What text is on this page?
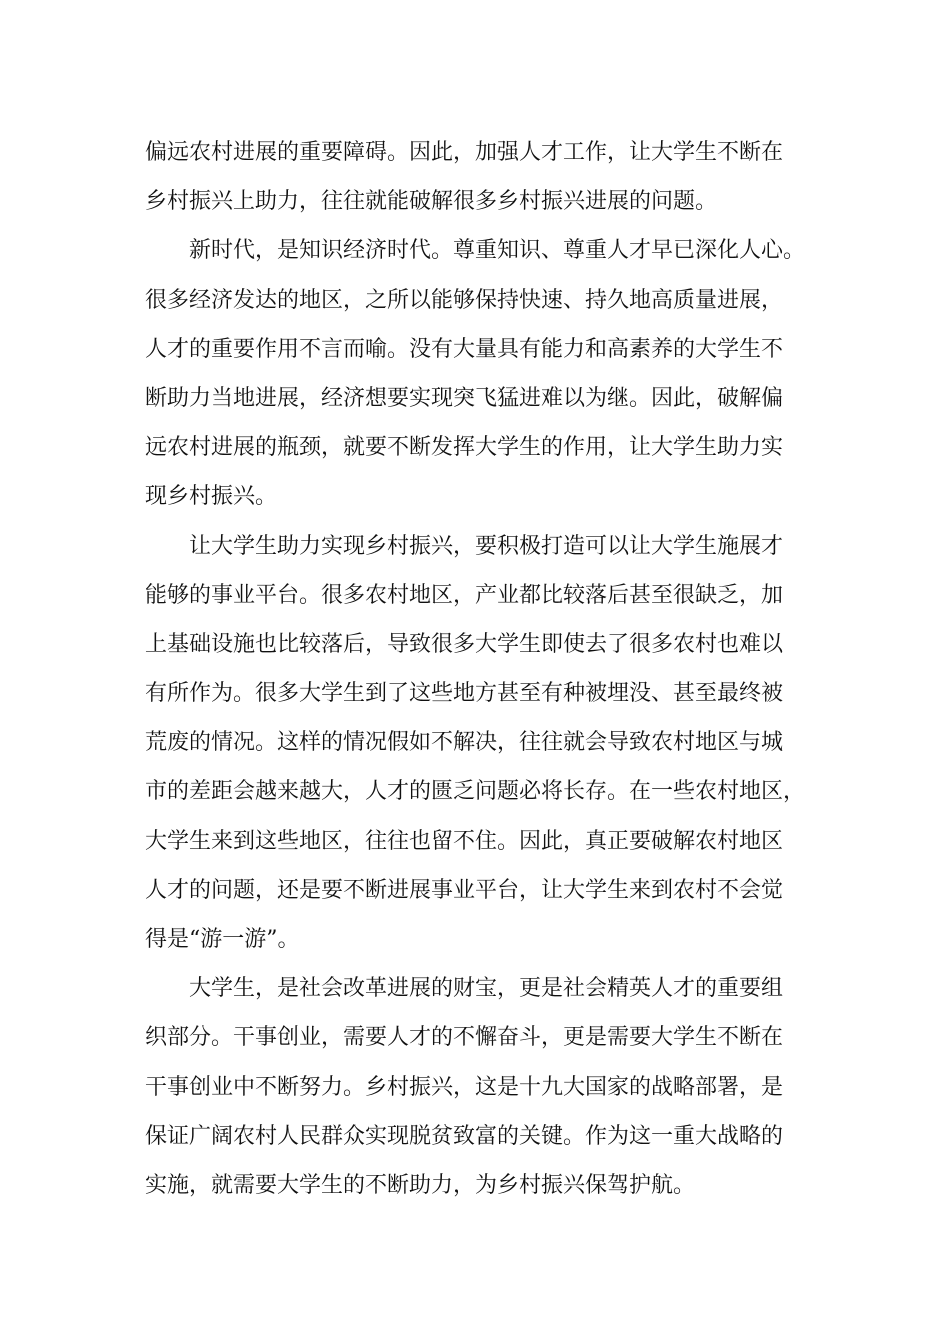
偏远农村进展的重要障碍。因此，加强人才工作，让大学生不断在
乡村振兴上助力，往往就能破解很多乡村振兴进展的问题。
新时代，是知识经济时代。尊重知识、尊重人才早已深化人心。
很多经济发达的地区，之所以能够保持快速、持久地高质量进展，
人才的重要作用不言而喻。没有大量具有能力和高素养的大学生不
断助力当地进展，经济想要实现突飞猛进难以为继。因此，破解偏
远农村进展的瓶颈，就要不断发挥大学生的作用，让大学生助力实
现乡村振兴。
让大学生助力实现乡村振兴，要积极打造可以让大学生施展才
能够的事业平台。很多农村地区，产业都比较落后甚至很缺乏，加
上基础设施也比较落后，导致很多大学生即使去了很多农村也难以
有所作为。很多大学生到了这些地方甚至有种被埋没、甚至最终被
荒废的情况。这样的情况假如不解决，往往就会导致农村地区与城
市的差距会越来越大，人才的匮乏问题必将长存。在一些农村地区，
大学生来到这些地区，往往也留不住。因此，真正要破解农村地区
人才的问题，还是要不断进展事业平台，让大学生来到农村不会觉
得是“游一游”。
大学生，是社会改革进展的财宝，更是社会精英人才的重要组
织部分。干事创业，需要人才的不懈奋斗，更是需要大学生不断在
干事创业中不断努力。乡村振兴，这是十九大国家的战略部署，是
保证广阔农村人民群众实现脱贫致富的关键。作为这一重大战略的
实施，就需要大学生的不断助力，为乡村振兴保驾护航。
